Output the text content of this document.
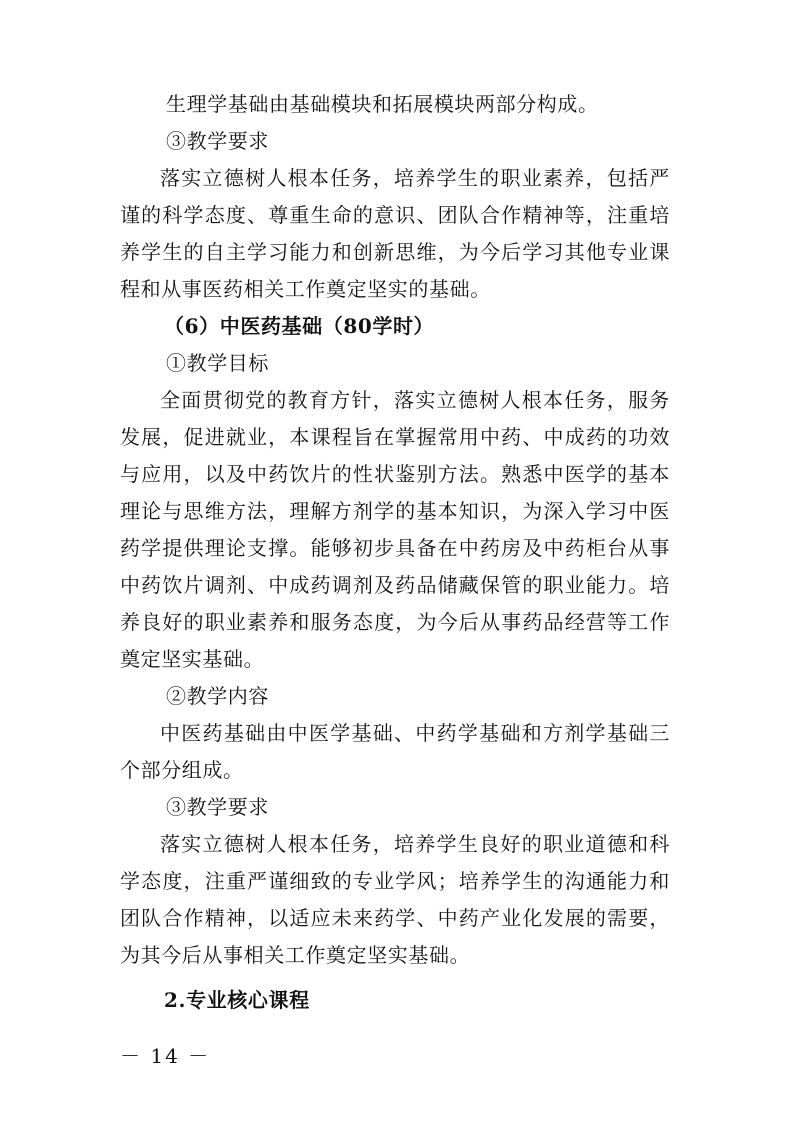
生理学基础由基础模块和拓展模块两部分构成。
③教学要求
落实立德树人根本任务，培养学生的职业素养，包括严谨的科学态度、尊重生命的意识、团队合作精神等，注重培养学生的自主学习能力和创新思维，为今后学习其他专业课程和从事医药相关工作奠定坚实的基础。
（6）中医药基础（80学时）
①教学目标
全面贯彻党的教育方针，落实立德树人根本任务，服务发展，促进就业，本课程旨在掌握常用中药、中成药的功效与应用，以及中药饮片的性状鉴别方法。熟悉中医学的基本理论与思维方法，理解方剂学的基本知识，为深入学习中医药学提供理论支撑。能够初步具备在中药房及中药柜台从事中药饮片调剂、中成药调剂及药品储藏保管的职业能力。培养良好的职业素养和服务态度，为今后从事药品经营等工作奠定坚实基础。
②教学内容
中医药基础由中医学基础、中药学基础和方剂学基础三个部分组成。
③教学要求
落实立德树人根本任务，培养学生良好的职业道德和科学态度，注重严谨细致的专业学风；培养学生的沟通能力和团队合作精神，以适应未来药学、中药产业化发展的需要，为其今后从事相关工作奠定坚实基础。
2.专业核心课程
－ 14 －
